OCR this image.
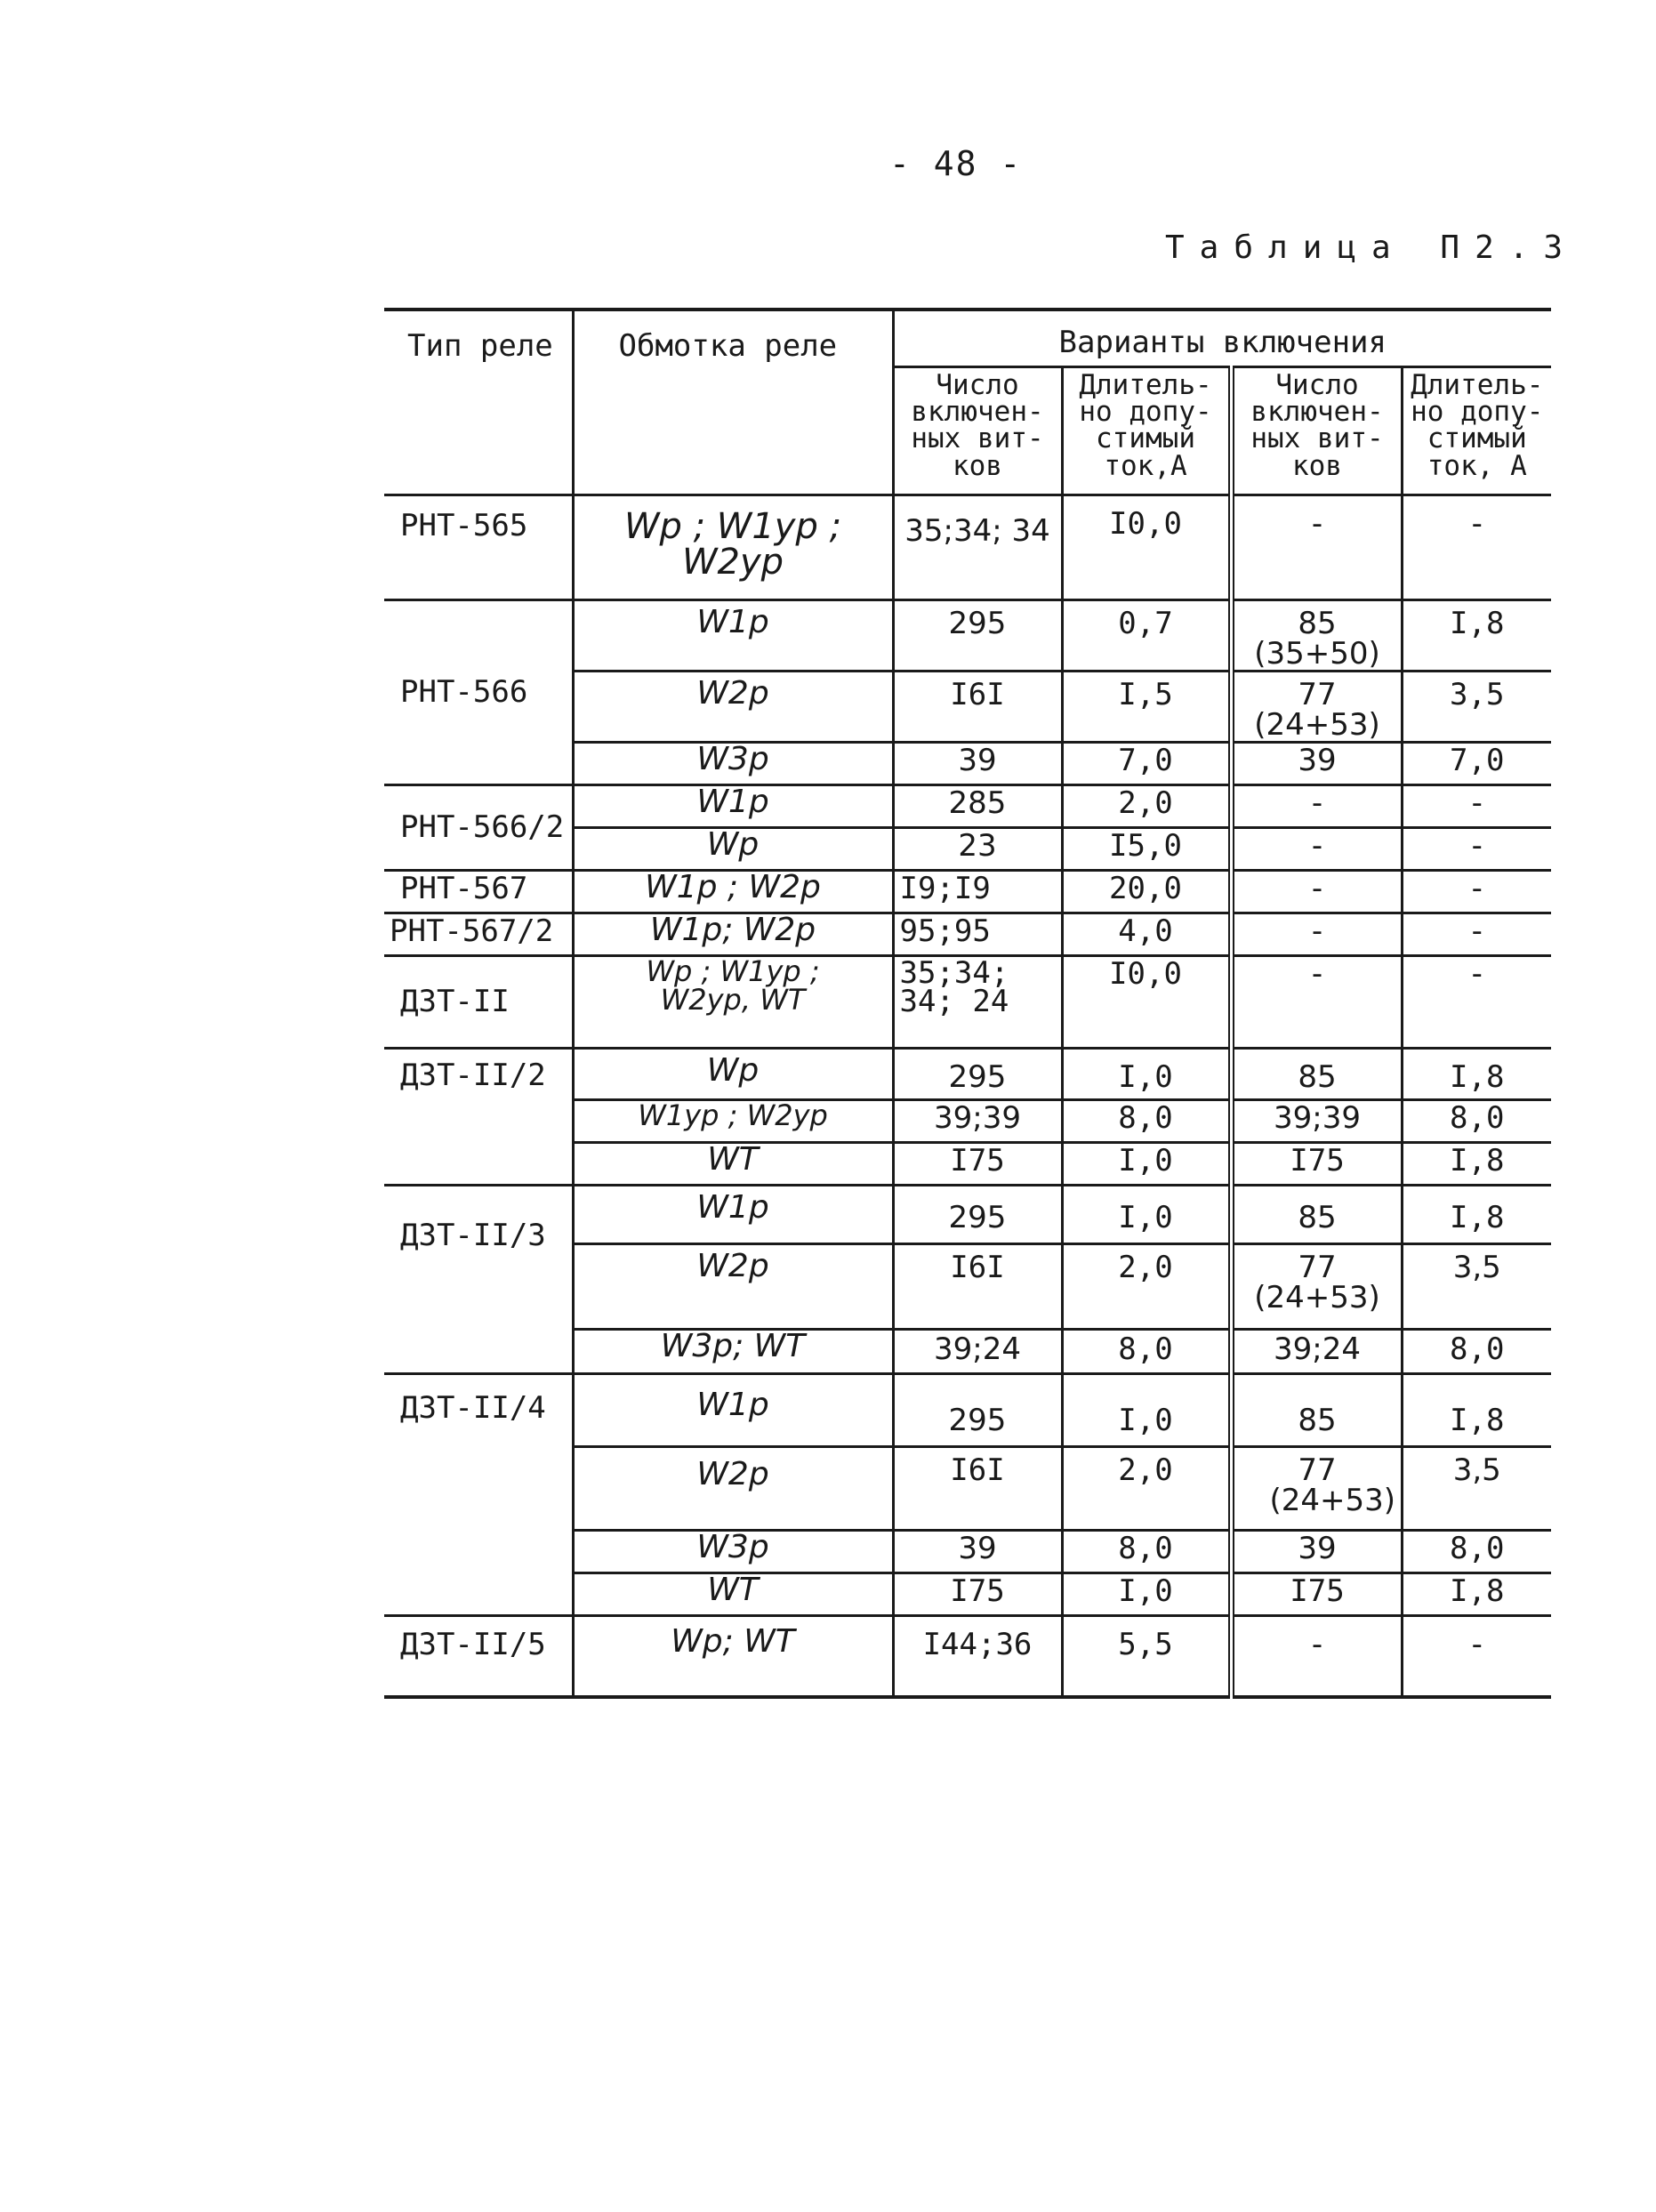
- 48 -
Таблица П2.3
Тип реле	Обмотка реле	Варианты включения			
		Число включен-ных вит-ков	Длитель-но допу-стимый ток,А	Число включен-ных вит-ков	Длитель-но допу-стимый ток, А
РНТ-565	Wр ; W1ур ; W2ур	35;34; 34	I0,0	-	-
РНТ-566	W1р	295	0,7	85 (35+50)	I,8
	W2р	I6I	I,5	77 (24+53)	3,5
	W3р	39	7,0	39	7,0
РНТ-566/2	W1р	285	2,0	-	-
	Wр	23	I5,0	-	-
РНТ-567	W1р ; W2р	I9;I9	20,0	-	-
РНТ-567/2	W1р; W2р	95;95	4,0	-	-
ДЗТ-II	Wр ; W1ур ; W2ур, WТ	35;34; 34; 24	I0,0	-	-
ДЗТ-II/2	Wр	295	I,0	85	I,8
	W1ур ; W2ур	39;39	8,0	39;39	8,0
	WТ	I75	I,0	I75	I,8
ДЗТ-II/3	W1р	295	I,0	85	I,8
	W2р	I6I	2,0	77 (24+53)	3,5
	W3р; WТ	39;24	8,0	39;24	8,0
ДЗТ-II/4	W1р	295	I,0	85	I,8
	W2р	I6I	2,0	77 (24+53)	3,5
	W3р	39	8,0	39	8,0
	WТ	I75	I,0	I75	I,8
ДЗТ-II/5	Wр; WТ	I44;36	5,5	-	-
